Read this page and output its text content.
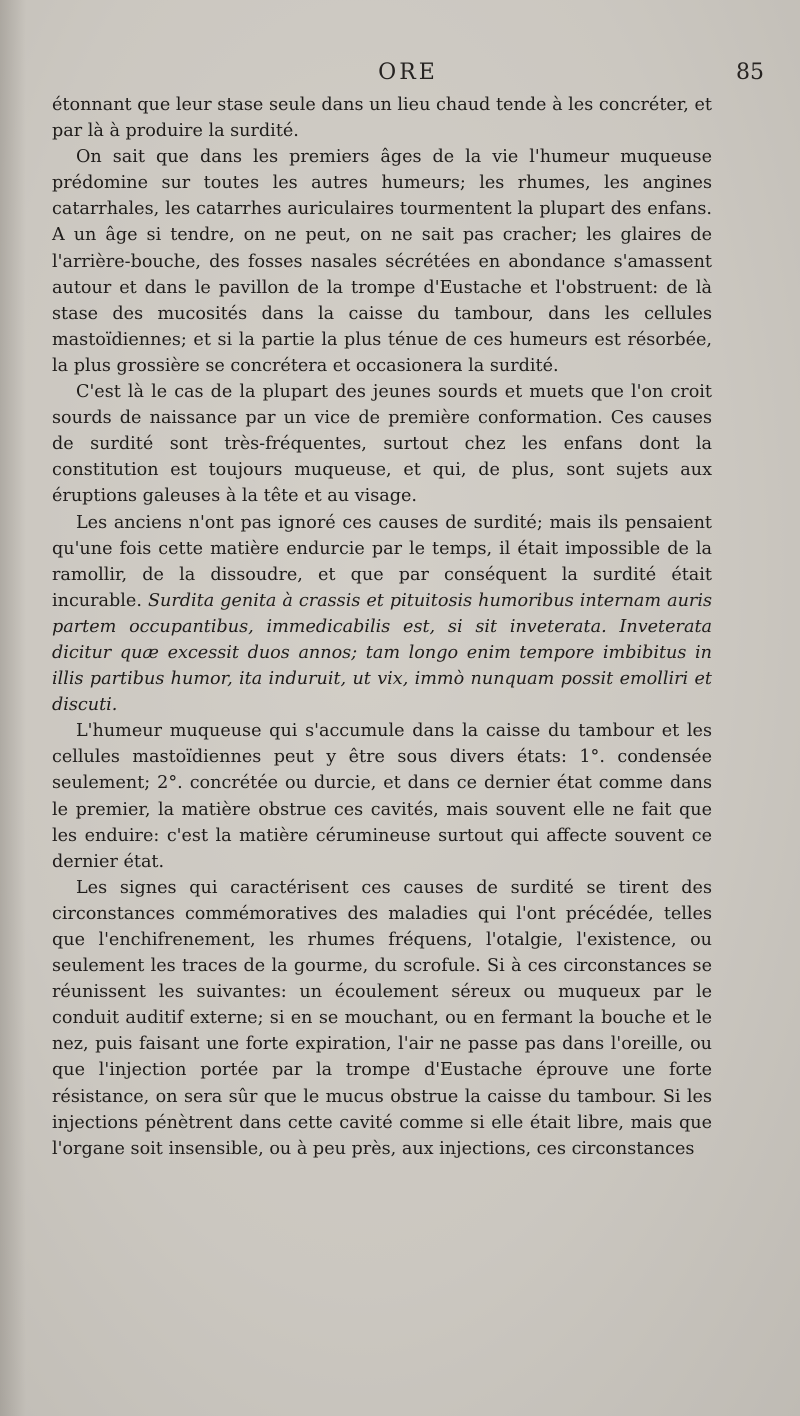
ORE	85

étonnant que leur stase seule dans un lieu chaud tende à les concréter, et par là à produire la surdité.

On sait que dans les premiers âges de la vie l'humeur muqueuse prédomine sur toutes les autres humeurs; les rhumes, les angines catarrhales, les catarrhes auriculaires tourmentent la plupart des enfans. A un âge si tendre, on ne peut, on ne sait pas cracher; les glaires de l'arrière-bouche, des fosses nasales sécrétées en abondance s'amassent autour et dans le pavillon de la trompe d'Eustache et l'obstruent: de là stase des mucosités dans la caisse du tambour, dans les cellules mastoïdiennes; et si la partie la plus ténue de ces humeurs est résorbée, la plus grossière se concrétera et occasionera la surdité.

C'est là le cas de la plupart des jeunes sourds et muets que l'on croit sourds de naissance par un vice de première conformation. Ces causes de surdité sont très-fréquentes, surtout chez les enfans dont la constitution est toujours muqueuse, et qui, de plus, sont sujets aux éruptions galeuses à la tête et au visage.

Les anciens n'ont pas ignoré ces causes de surdité; mais ils pensaient qu'une fois cette matière endurcie par le temps, il était impossible de la ramollir, de la dissoudre, et que par conséquent la surdité était incurable. Surdita genita à crassis et pituitosis humoribus internam auris partem occupantibus, immedicabilis est, si sit inveterata. Inveterata dicitur quæ excessit duos annos; tam longo enim tempore imbibitus in illis partibus humor, ita induruit, ut vix, immò nunquam possit emolliri et discuti.

L'humeur muqueuse qui s'accumule dans la caisse du tambour et les cellules mastoïdiennes peut y être sous divers états: 1°. condensée seulement; 2°. concrétée ou durcie, et dans ce dernier état comme dans le premier, la matière obstrue ces cavités, mais souvent elle ne fait que les enduire: c'est la matière cérumineuse surtout qui affecte souvent ce dernier état.

Les signes qui caractérisent ces causes de surdité se tirent des circonstances commémoratives des maladies qui l'ont précédée, telles que l'enchifrenement, les rhumes fréquens, l'otalgie, l'existence, ou seulement les traces de la gourme, du scrofule. Si à ces circonstances se réunissent les suivantes: un écoulement séreux ou muqueux par le conduit auditif externe; si en se mouchant, ou en fermant la bouche et le nez, puis faisant une forte expiration, l'air ne passe pas dans l'oreille, ou que l'injection portée par la trompe d'Eustache éprouve une forte résistance, on sera sûr que le mucus obstrue la caisse du tambour. Si les injections pénètrent dans cette cavité comme si elle était libre, mais que l'organe soit insensible, ou à peu près, aux injections, ces circonstances
